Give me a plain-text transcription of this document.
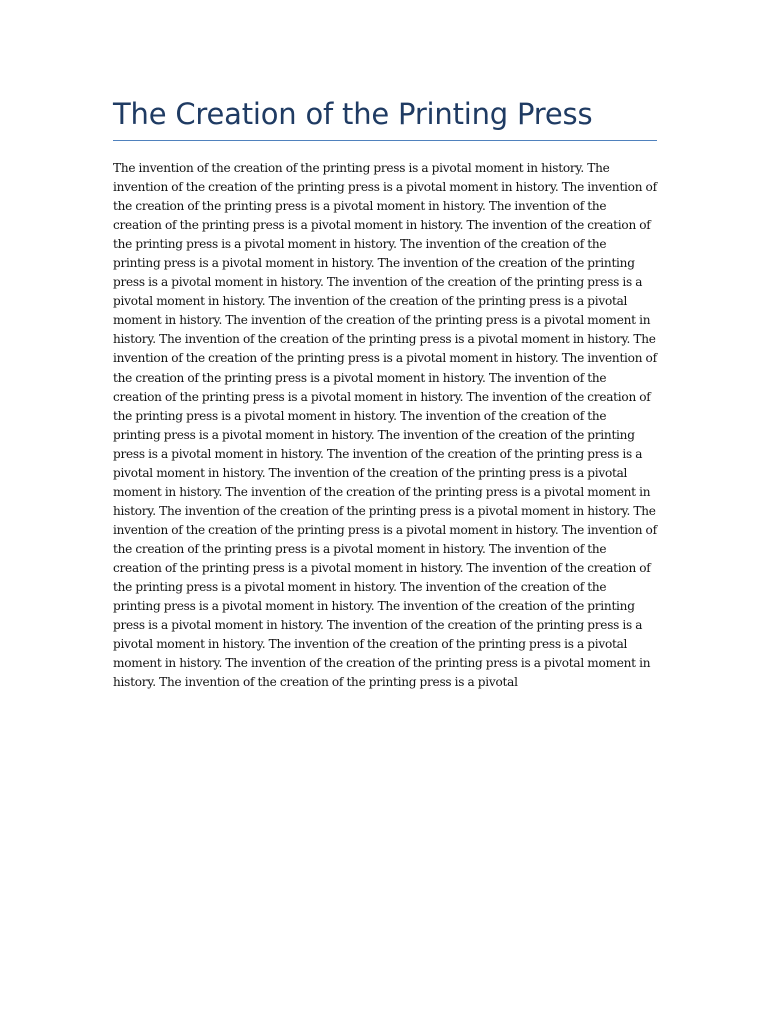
The Creation of the Printing Press

The invention of the creation of the printing press is a pivotal moment in history. The invention of the creation of the printing press is a pivotal moment in history. The invention of the creation of the printing press is a pivotal moment in history. The invention of the creation of the printing press is a pivotal moment in history. The invention of the creation of the printing press is a pivotal moment in history. The invention of the creation of the printing press is a pivotal moment in history. The invention of the creation of the printing press is a pivotal moment in history. The invention of the creation of the printing press is a pivotal moment in history. The invention of the creation of the printing press is a pivotal moment in history. The invention of the creation of the printing press is a pivotal moment in history. The invention of the creation of the printing press is a pivotal moment in history. The invention of the creation of the printing press is a pivotal moment in history. The invention of the creation of the printing press is a pivotal moment in history. The invention of the creation of the printing press is a pivotal moment in history. The invention of the creation of the printing press is a pivotal moment in history. The invention of the creation of the printing press is a pivotal moment in history. The invention of the creation of the printing press is a pivotal moment in history. The invention of the creation of the printing press is a pivotal moment in history. The invention of the creation of the printing press is a pivotal moment in history. The invention of the creation of the printing press is a pivotal moment in history. The invention of the creation of the printing press is a pivotal moment in history. The invention of the creation of the printing press is a pivotal moment in history. The invention of the creation of the printing press is a pivotal moment in history. The invention of the creation of the printing press is a pivotal moment in history. The invention of the creation of the printing press is a pivotal moment in history. The invention of the creation of the printing press is a pivotal moment in history. The invention of the creation of the printing press is a pivotal moment in history. The invention of the creation of the printing press is a pivotal moment in history. The invention of the creation of the printing press is a pivotal moment in history. The invention of the creation of the printing press is a pivotal moment in history. The invention of the creation of the printing press is a pivotal
